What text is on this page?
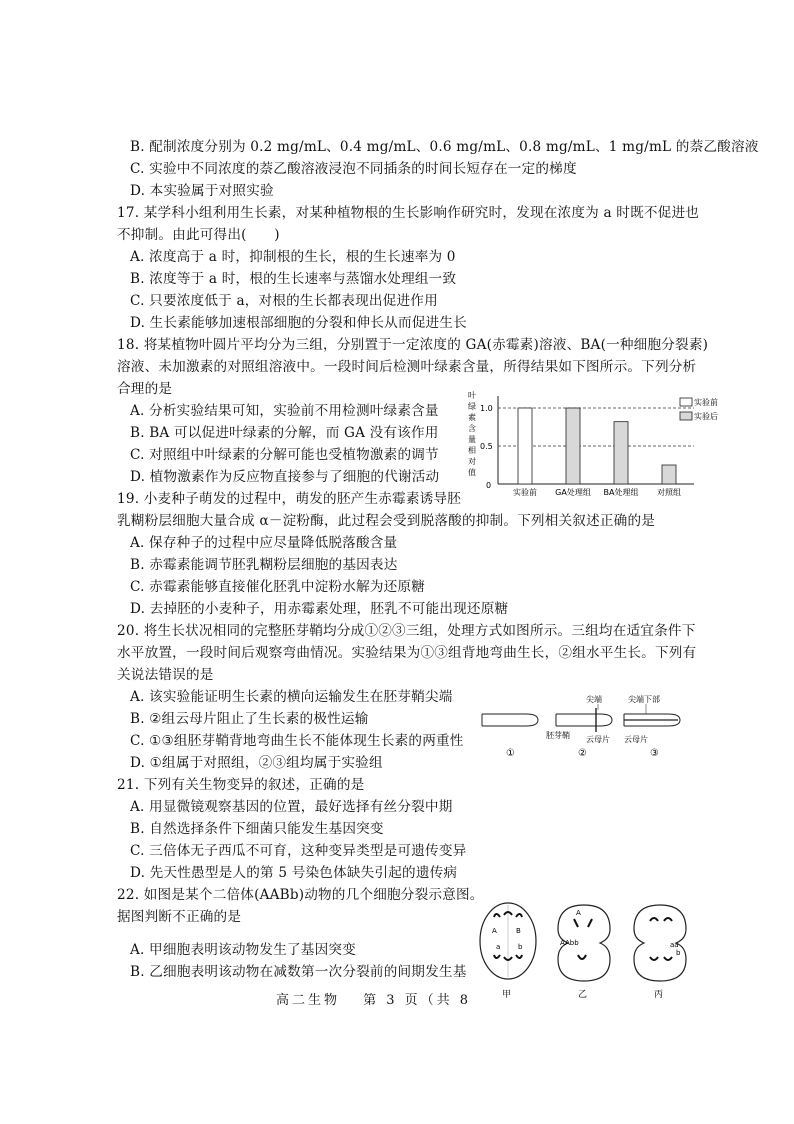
B. 配制浓度分别为 0.2 mg/mL、0.4 mg/mL、0.6 mg/mL、0.8 mg/mL、1 mg/mL 的萘乙酸溶液
C. 实验中不同浓度的萘乙酸溶液浸泡不同插条的时间长短存在一定的梯度
D. 本实验属于对照实验
17. 某学科小组利用生长素，对某种植物根的生长影响作研究时，发现在浓度为 a 时既不促进也
不抑制。由此可得出(　　)
A. 浓度高于 a 时，抑制根的生长，根的生长速率为 0
B. 浓度等于 a 时，根的生长速率与蒸馏水处理组一致
C. 只要浓度低于 a，对根的生长都表现出促进作用
D. 生长素能够加速根部细胞的分裂和伸长从而促进生长
18. 将某植物叶圆片平均分为三组，分别置于一定浓度的 GA(赤霉素)溶液、BA(一种细胞分裂素)
溶液、未加激素的对照组溶液中。一段时间后检测叶绿素含量，所得结果如下图所示。下列分析
合理的是
A. 分析实验结果可知，实验前不用检测叶绿素含量
B. BA 可以促进叶绿素的分解，而 GA 没有该作用
C. 对照组中叶绿素的分解可能也受植物激素的调节
D. 植物激素作为反应物直接参与了细胞的代谢活动
19. 小麦种子萌发的过程中，萌发的胚产生赤霉素诱导胚
乳糊粉层细胞大量合成 α－淀粉酶，此过程会受到脱落酸的抑制。下列相关叙述正确的是
A. 保存种子的过程中应尽量降低脱落酸含量
B. 赤霉素能调节胚乳糊粉层细胞的基因表达
C. 赤霉素能够直接催化胚乳中淀粉水解为还原糖
D. 去掉胚的小麦种子，用赤霉素处理，胚乳不可能出现还原糖
20. 将生长状况相同的完整胚芽鞘均分成①②③三组，处理方式如图所示。三组均在适宜条件下
水平放置，一段时间后观察弯曲情况。实验结果为①③组背地弯曲生长，②组水平生长。下列有
关说法错误的是
A. 该实验能证明生长素的横向运输发生在胚芽鞘尖端
B. ②组云母片阻止了生长素的极性运输
C. ①③组胚芽鞘背地弯曲生长不能体现生长素的两重性
D. ①组属于对照组，②③组均属于实验组
21. 下列有关生物变异的叙述，正确的是
A. 用显微镜观察基因的位置，最好选择有丝分裂中期
B. 自然选择条件下细菌只能发生基因突变
C. 三倍体无子西瓜不可育，这种变异类型是可遗传变异
D. 先天性愚型是人的第 5 号染色体缺失引起的遗传病
22. 如图是某个二倍体(AABb)动物的几个细胞分裂示意图。
据图判断不正确的是
A. 甲细胞表明该动物发生了基因突变
B. 乙细胞表明该动物在减数第一次分裂前的间期发生基
叶
绿
素
含
量
相
对
值
0
0.5
1.0
实验前 GA处理组 BA处理组 对照组
实验前
实验后
尖端	尖端下部
胚芽鞘 云母片 云母片
①	②	③
A	B
a	b
A
AAbb	aa
b
甲	乙	丙
高二生物　 第 3 页（共 8
